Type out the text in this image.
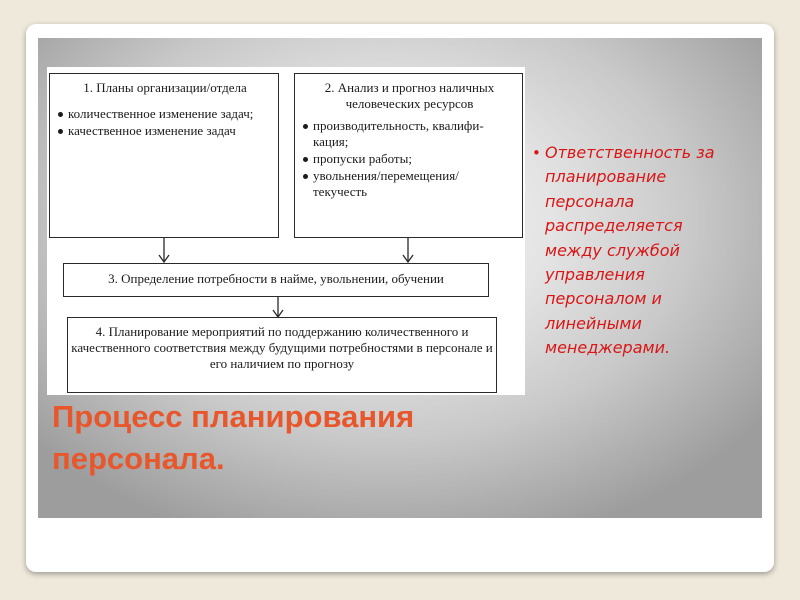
1. Планы организации/отдела
количественное изменение задач;
качественное изменение задач
2. Анализ и прогноз наличных человеческих ресурсов
производительность, квалифи-кация;
пропуски работы;
увольнения/перемещения/ текучесть
3. Определение потребности в найме, увольнении, обучении
4. Планирование мероприятий по поддержанию количественного и качественного соответствия между будущими потребностями в персонале и его наличием по прогнозу
Процесс планирования персонала.
• Ответственность за планирование персонала распределяется между службой управления персоналом и линейными менеджерами.
